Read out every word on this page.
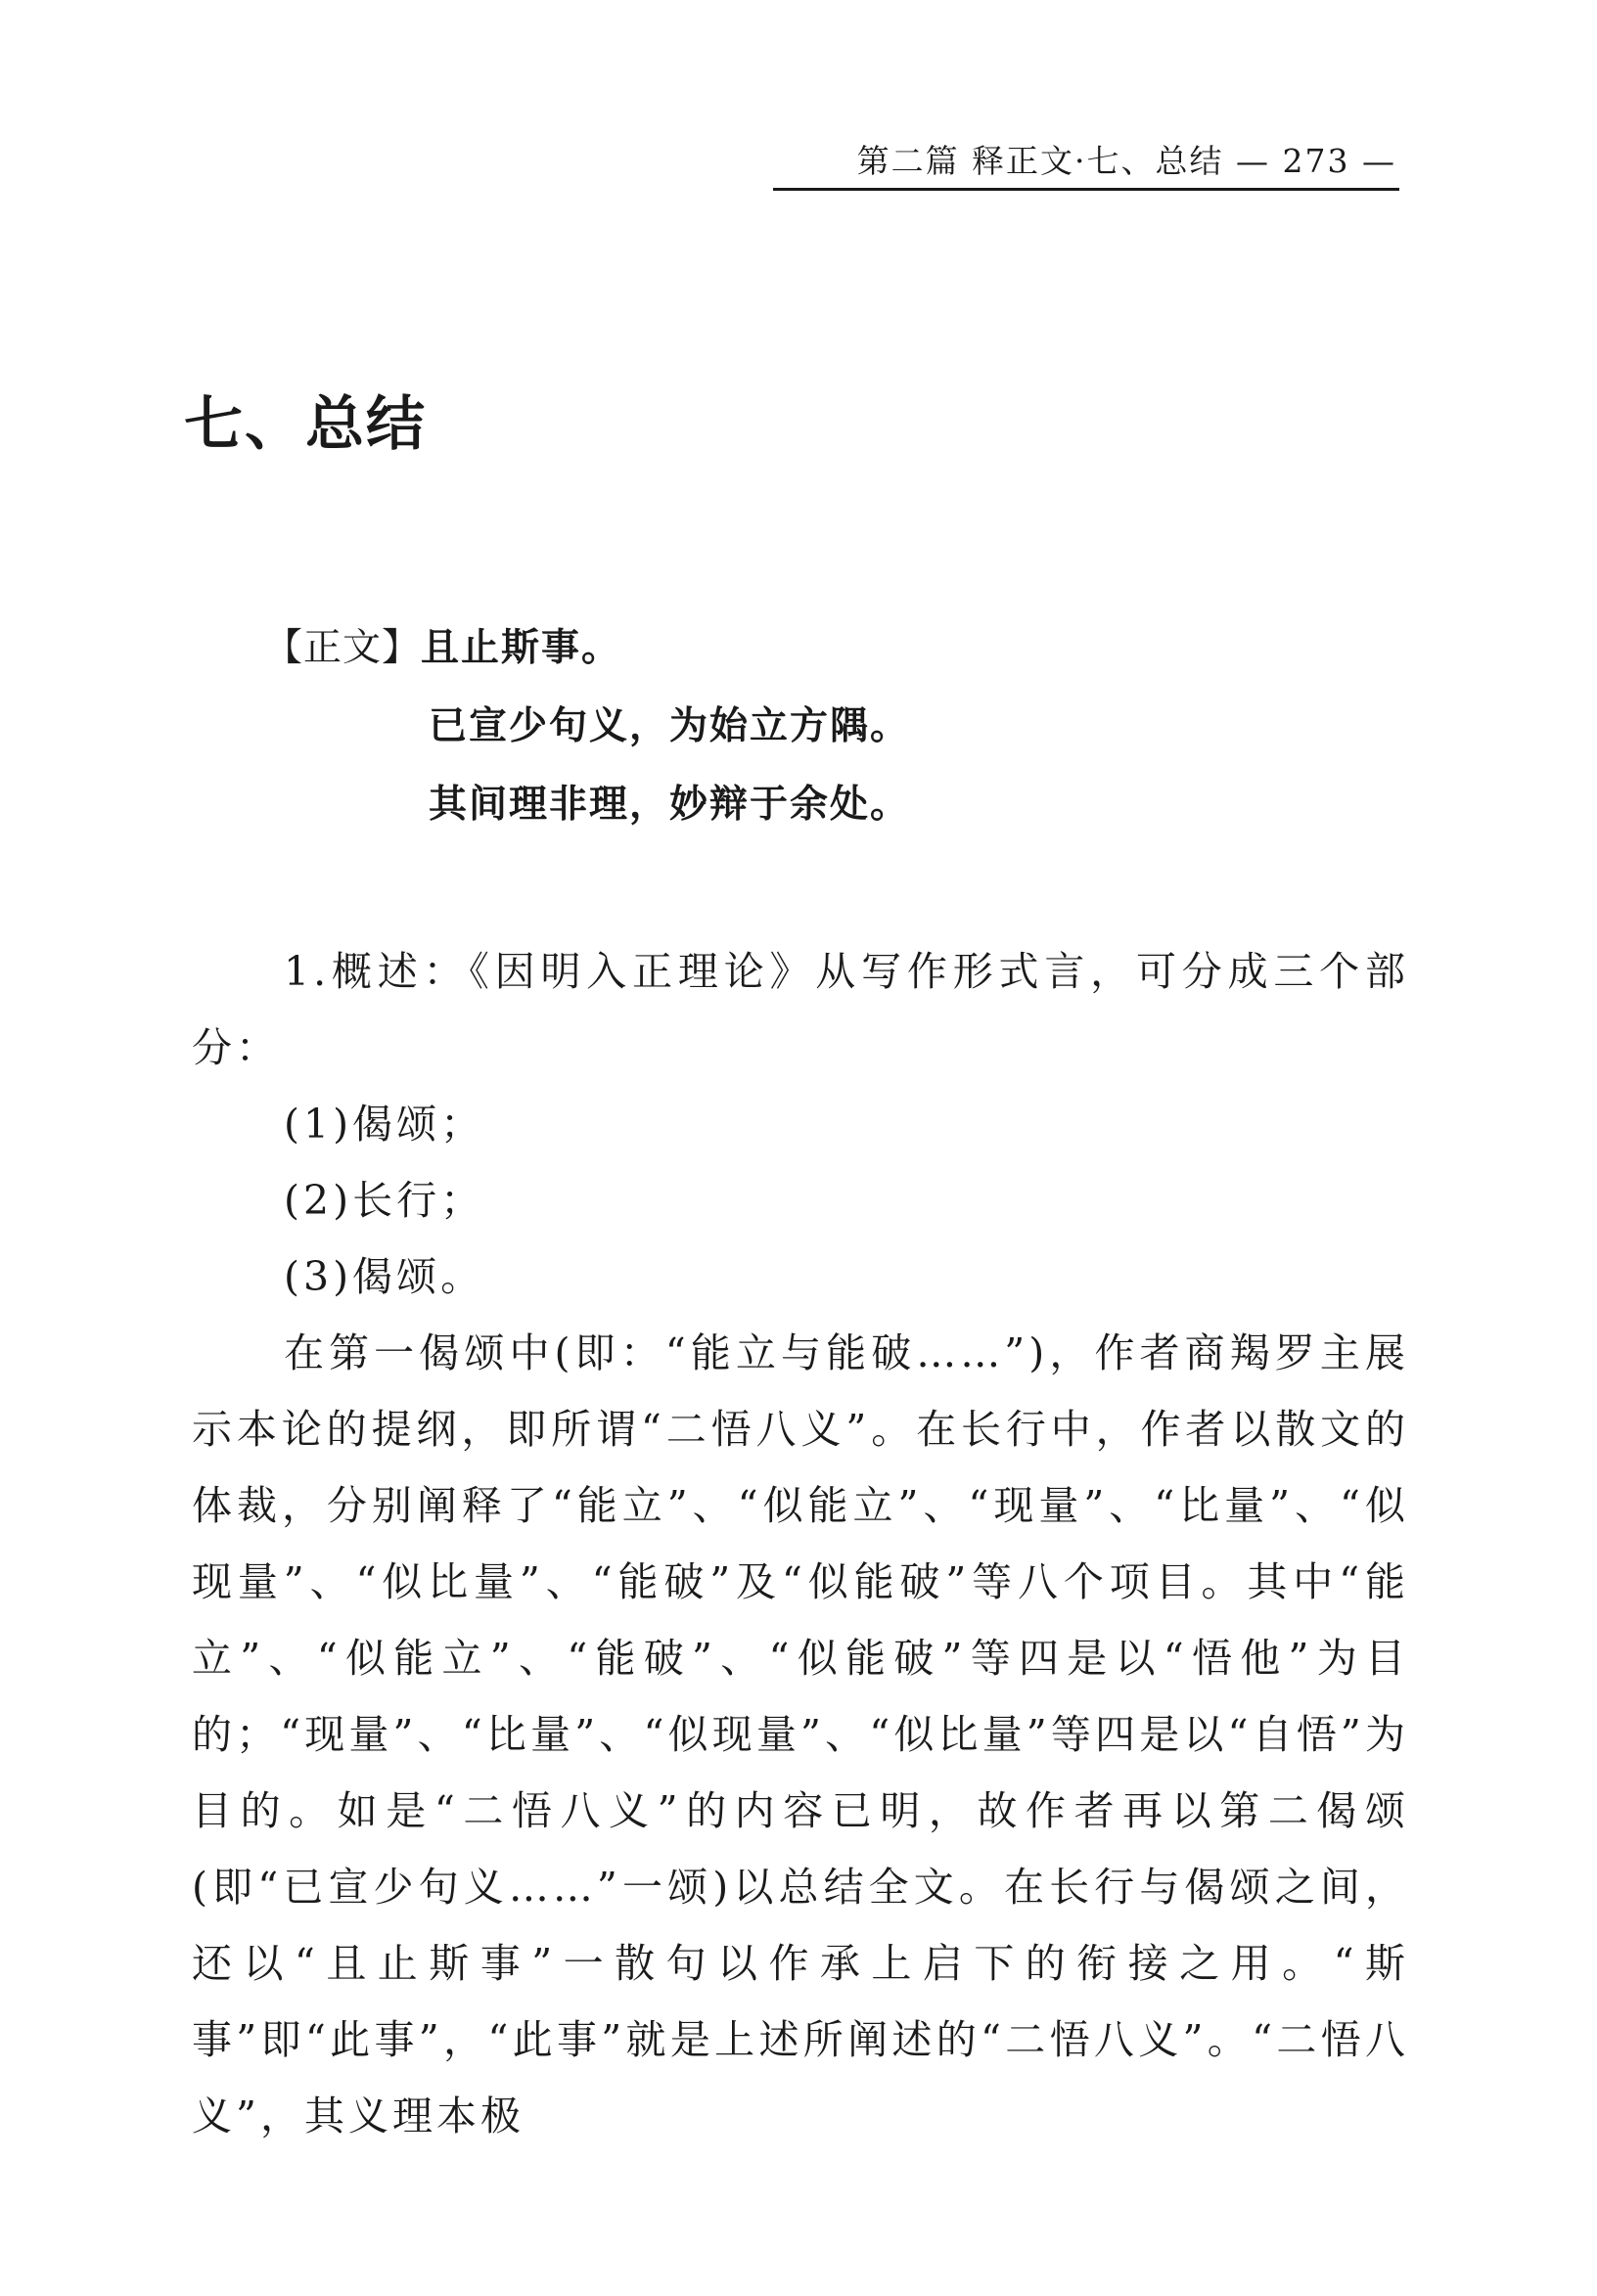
第二篇 释正文·七、总结 — 273 —
七、总结
【正文】且止斯事。
已宣少句义，为始立方隅。
其间理非理，妙辩于余处。

1.概述：《因明入正理论》从写作形式言，可分成三个部分：

(1)偈颂；

(2)长行；

(3)偈颂。

在第一偈颂中(即：“能立与能破……”)，作者商羯罗主展示本论的提纲，即所谓“二悟八义”。在长行中，作者以散文的体裁，分别阐释了“能立”、“似能立”、“现量”、“比量”、“似现量”、“似比量”、“能破”及“似能破”等八个项目。其中“能立”、“似能立”、“能破”、“似能破”等四是以“悟他”为目的；“现量”、“比量”、“似现量”、“似比量”等四是以“自悟”为目的。如是“二悟八义”的内容已明，故作者再以第二偈颂(即“已宣少句义……”一颂)以总结全文。在长行与偈颂之间，还以“且止斯事”一散句以作承上启下的衔接之用。“斯事”即“此事”，“此事”就是上述所阐述的“二悟八义”。“二悟八义”，其义理本极
